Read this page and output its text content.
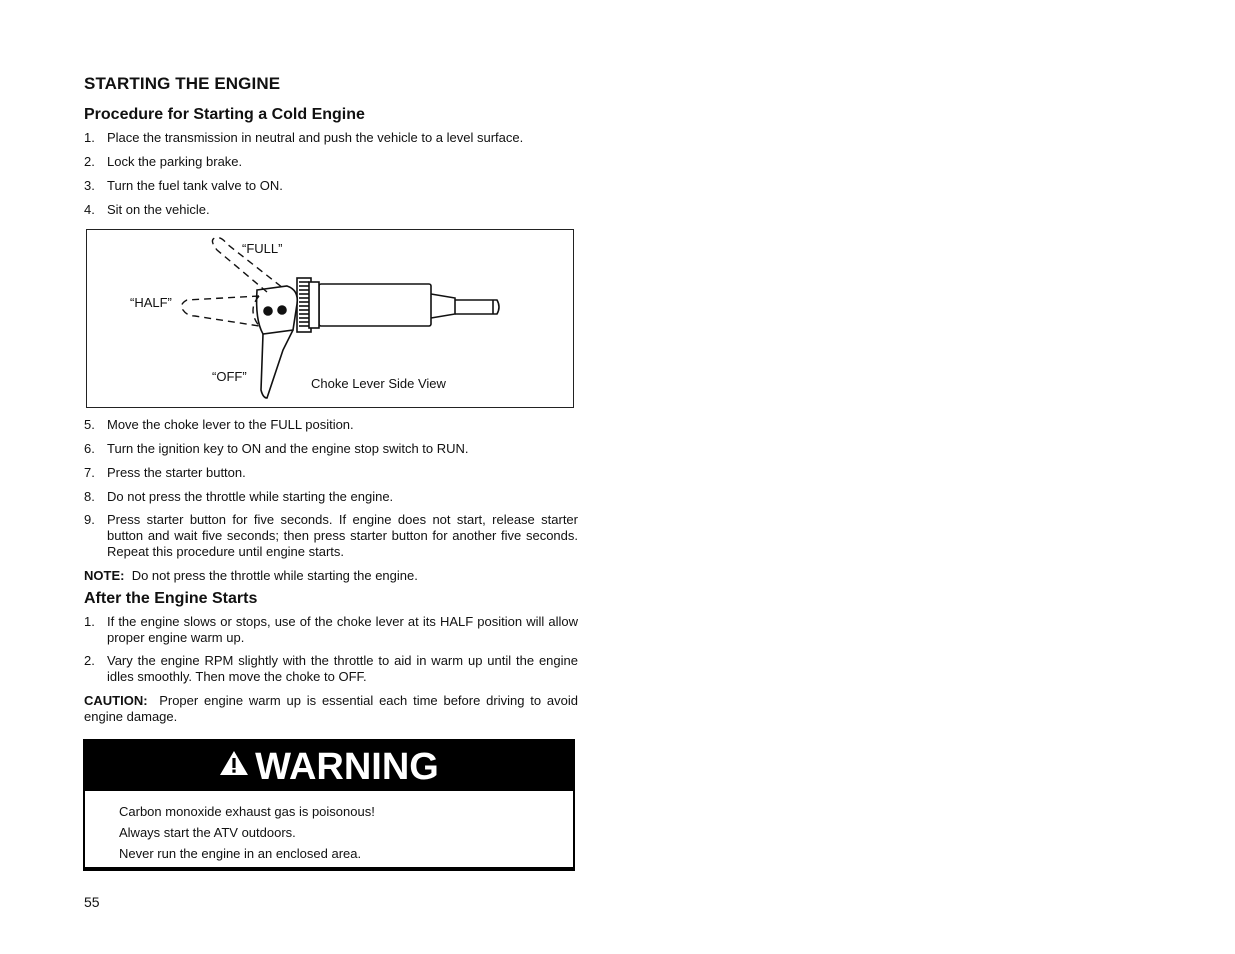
STARTING THE ENGINE
Procedure for Starting a Cold Engine
1. Place the transmission in neutral and push the vehicle to a level surface.
2. Lock the parking brake.
3. Turn the fuel tank valve to ON.
4. Sit on the vehicle.
“FULL”
“HALF”
“OFF”	Choke Lever Side View
5. Move the choke lever to the FULL position.
6. Turn the ignition key to ON and the engine stop switch to RUN.
7. Press the starter button.
8. Do not press the throttle while starting the engine.
9. Press starter button for five seconds. If engine does not start, release starter button and wait five seconds; then press starter button for another five seconds. Repeat this procedure until engine starts.

NOTE: Do not press the throttle while starting the engine.

After the Engine Starts
1. If the engine slows or stops, use of the choke lever at its HALF position will allow proper engine warm up.
2. Vary the engine RPM slightly with the throttle to aid in warm up until the engine idles smoothly. Then move the choke to OFF.

CAUTION: Proper engine warm up is essential each time before driving to avoid engine damage.

WARNING
Carbon monoxide exhaust gas is poisonous!
Always start the ATV outdoors.
Never run the engine in an enclosed area.
55
